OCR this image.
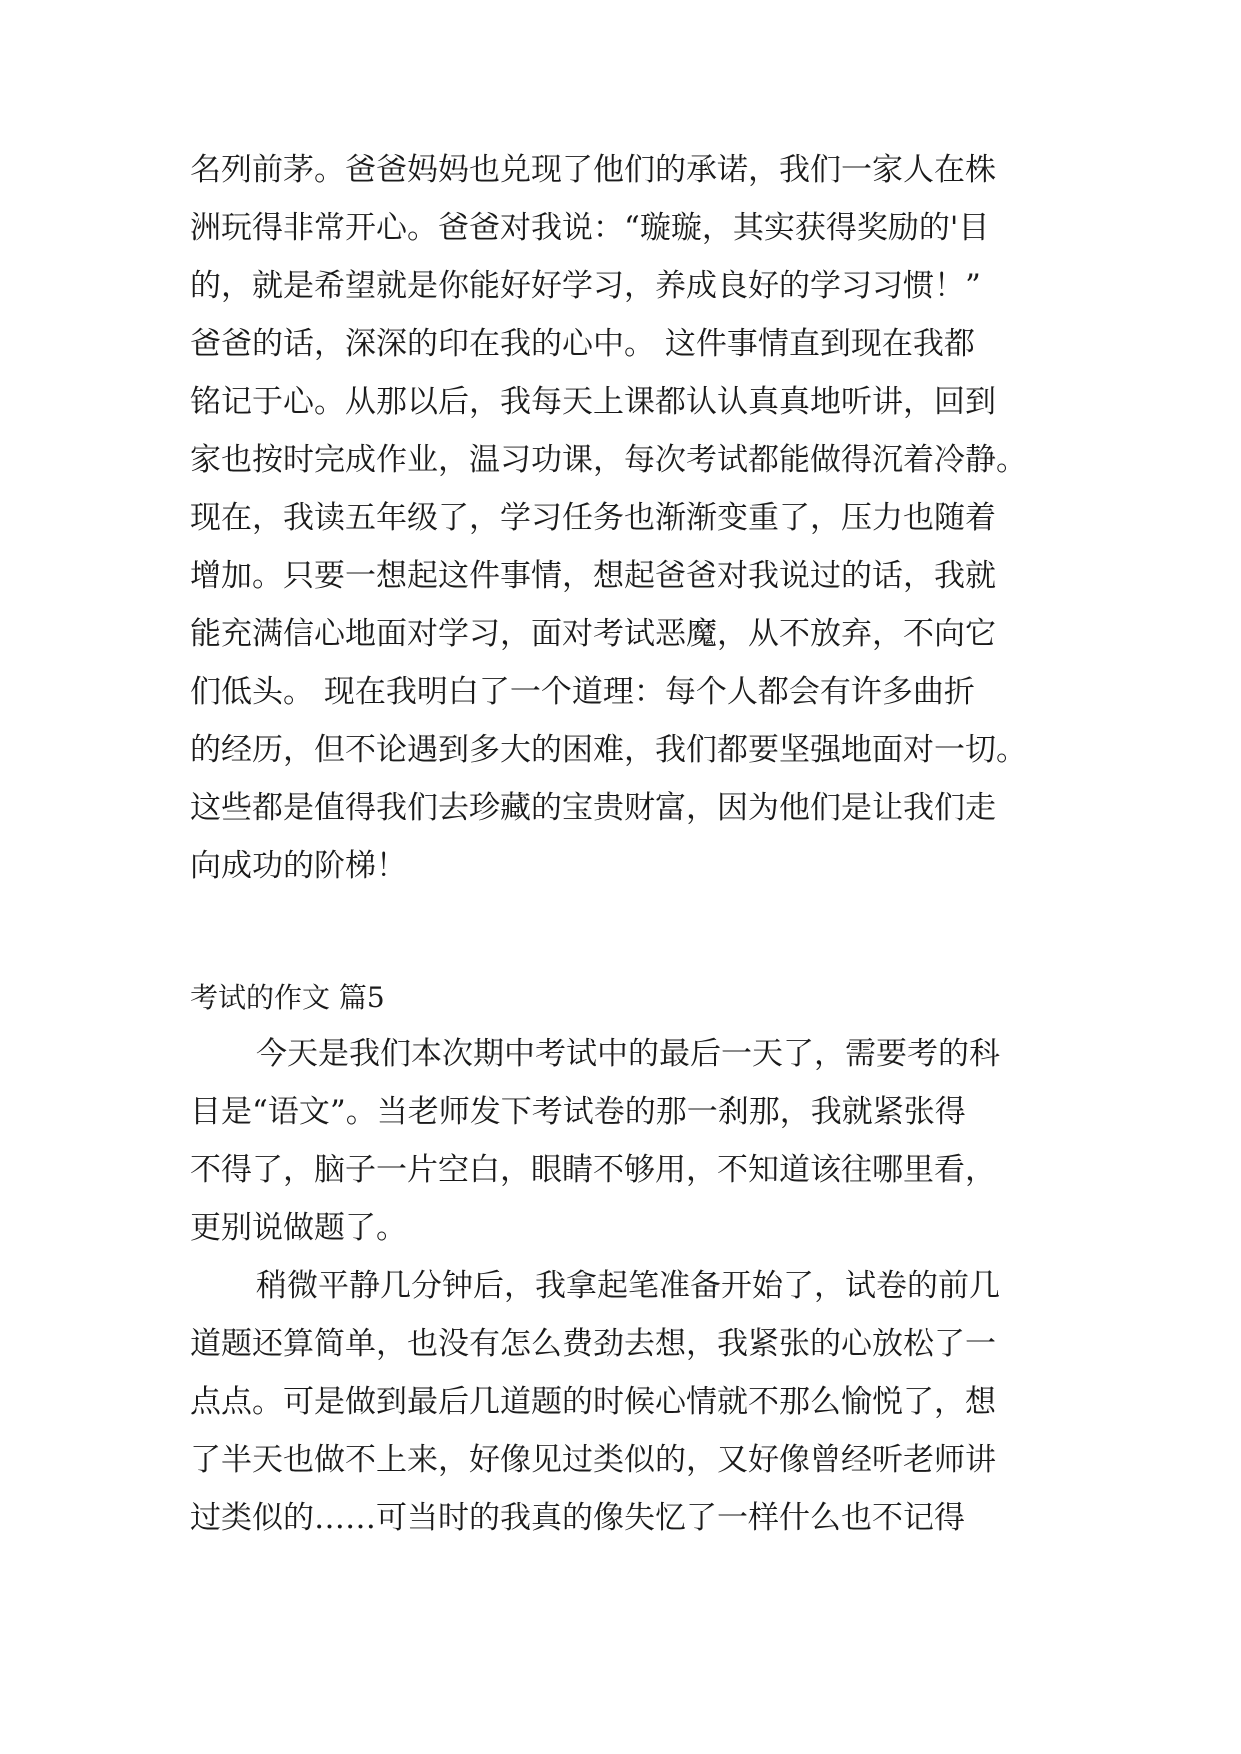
名列前茅。爸爸妈妈也兑现了他们的承诺，我们一家人在株
洲玩得非常开心。爸爸对我说：“璇璇，其实获得奖励的'目
的，就是希望就是你能好好学习，养成良好的学习习惯！”
爸爸的话，深深的印在我的心中。 这件事情直到现在我都
铭记于心。从那以后，我每天上课都认认真真地听讲，回到
家也按时完成作业，温习功课，每次考试都能做得沉着冷静。
现在，我读五年级了，学习任务也渐渐变重了，压力也随着
增加。只要一想起这件事情，想起爸爸对我说过的话，我就
能充满信心地面对学习，面对考试恶魔，从不放弃，不向它
们低头。 现在我明白了一个道理：每个人都会有许多曲折
的经历，但不论遇到多大的困难，我们都要坚强地面对一切。
这些都是值得我们去珍藏的宝贵财富，因为他们是让我们走
向成功的阶梯！
考试的作文 篇5
今天是我们本次期中考试中的最后一天了，需要考的科
目是“语文”。当老师发下考试卷的那一刹那，我就紧张得
不得了，脑子一片空白，眼睛不够用，不知道该往哪里看，
更别说做题了。
稍微平静几分钟后，我拿起笔准备开始了，试卷的前几
道题还算简单，也没有怎么费劲去想，我紧张的心放松了一
点点。可是做到最后几道题的时候心情就不那么愉悦了，想
了半天也做不上来，好像见过类似的，又好像曾经听老师讲
过类似的……可当时的我真的像失忆了一样什么也不记得
